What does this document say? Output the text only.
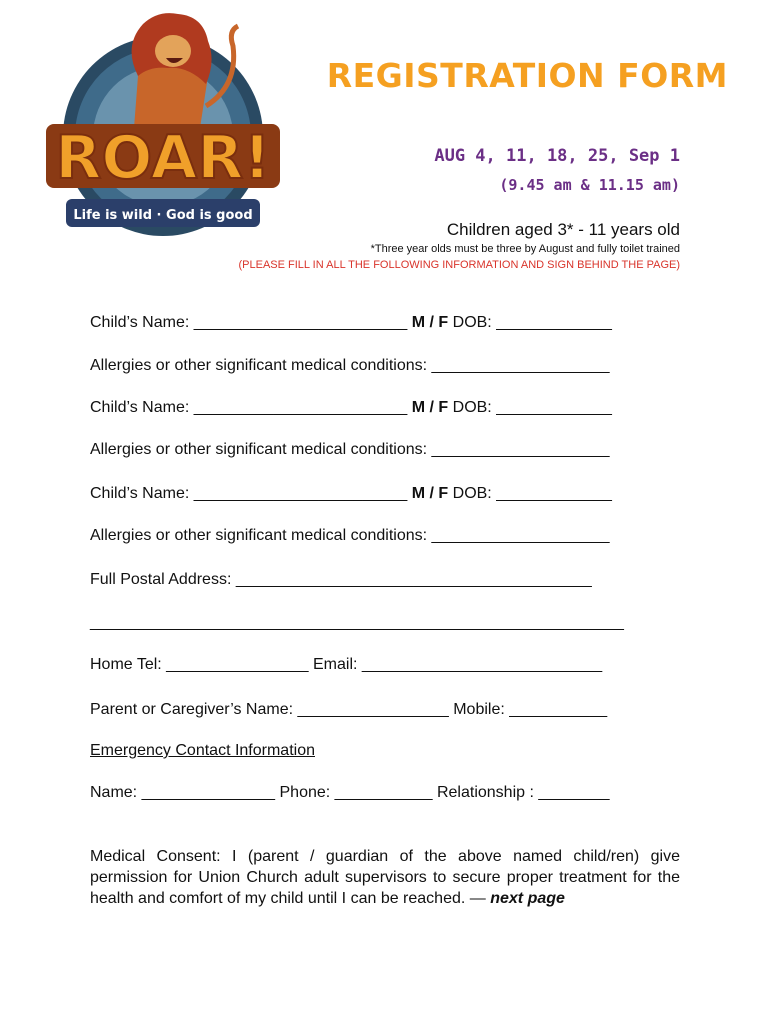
ROAR!
Life is wild · God is good
REGISTRATION FORM
AUG 4, 11, 18, 25, Sep 1
(9.45 am & 11.15 am)
Children aged 3* - 11 years old
*Three year olds must be three by August and fully toilet trained
(PLEASE FILL IN ALL THE FOLLOWING INFORMATION AND SIGN BEHIND THE PAGE)
Child’s Name: ________________________ M / F DOB: _____________
Allergies or other significant medical conditions: ____________________
Child’s Name: ________________________ M / F DOB: _____________
Allergies or other significant medical conditions: ____________________
Child’s Name: ________________________ M / F DOB: _____________
Allergies or other significant medical conditions: ____________________
Full Postal Address: ________________________________________
____________________________________________________________
Home Tel: ________________ Email: ___________________________
Parent or Caregiver’s Name: _________________ Mobile: ___________
Emergency Contact Information
Name: _______________ Phone: ___________ Relationship : ________
Medical Consent: I (parent / guardian of the above named child/ren) give permission for Union Church adult supervisors to secure proper treatment for the health and comfort of my child until I can be reached. — next page
